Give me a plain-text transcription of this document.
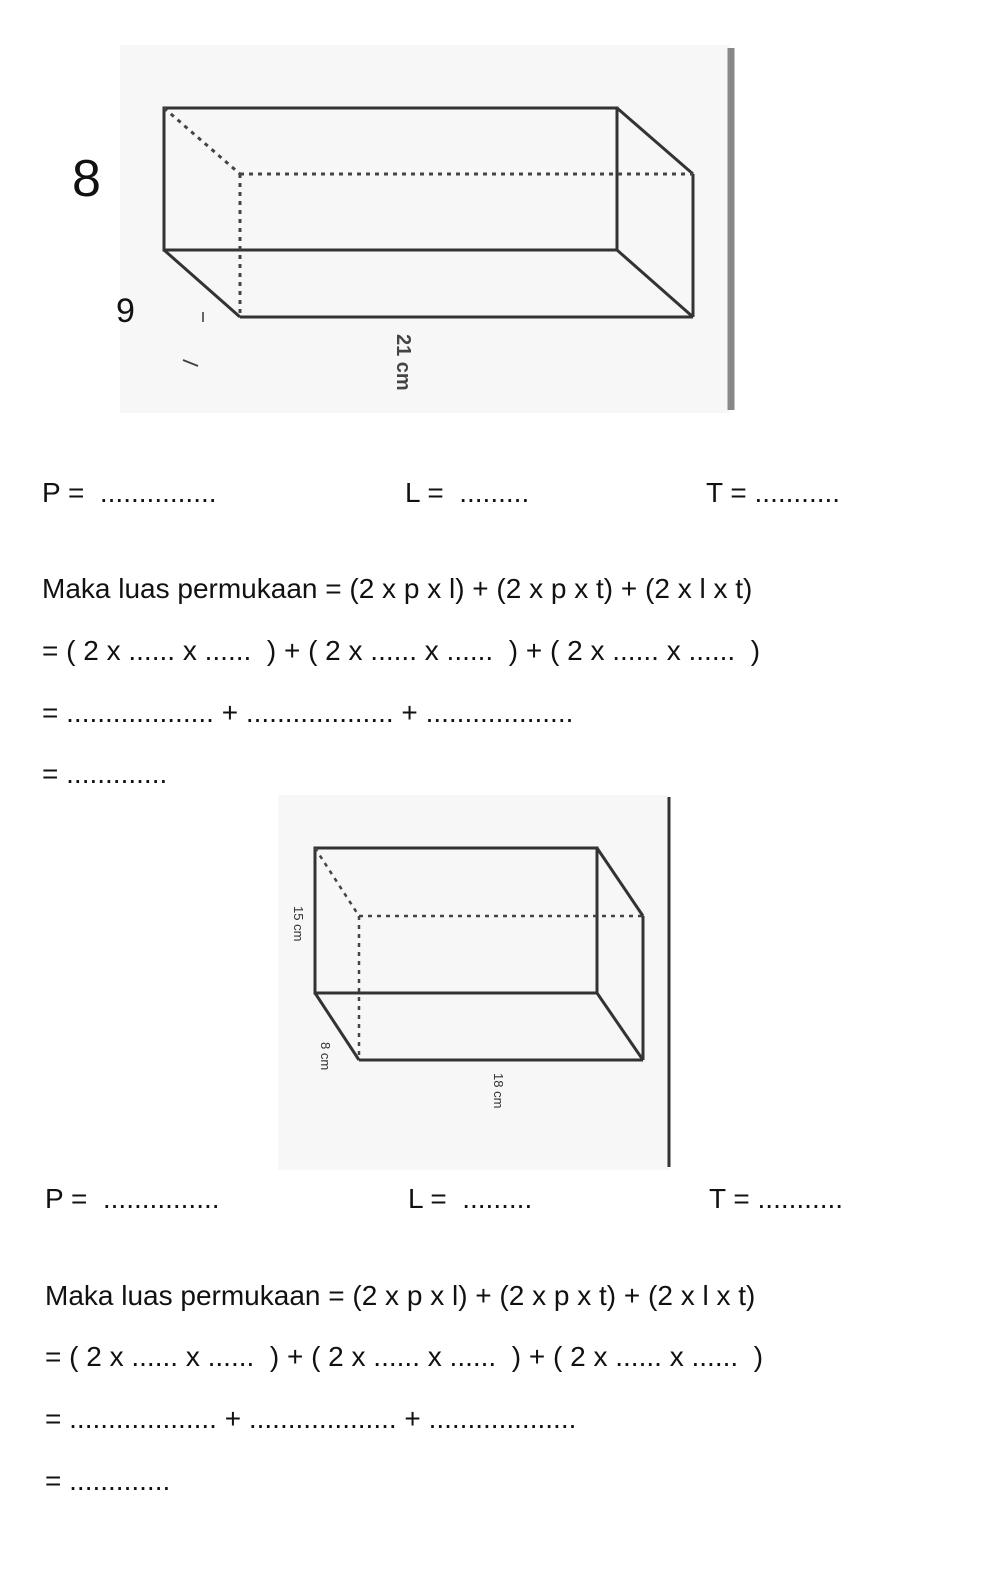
8
9
21 cm
P =  ...............	L =  .........	T = ...........
Maka luas permukaan = (2 x p x l) + (2 x p x t) + (2 x l x t)
= ( 2 x ...... x ......  ) + ( 2 x ...... x ......  ) + ( 2 x ...... x ......  )
= ................... + ................... + ...................
= .............
15 cm
8 cm
18 cm
P =  ...............	L =  .........	T = ...........
Maka luas permukaan = (2 x p x l) + (2 x p x t) + (2 x l x t)
= ( 2 x ...... x ......  ) + ( 2 x ...... x ......  ) + ( 2 x ...... x ......  )
= ................... + ................... + ...................
= .............
